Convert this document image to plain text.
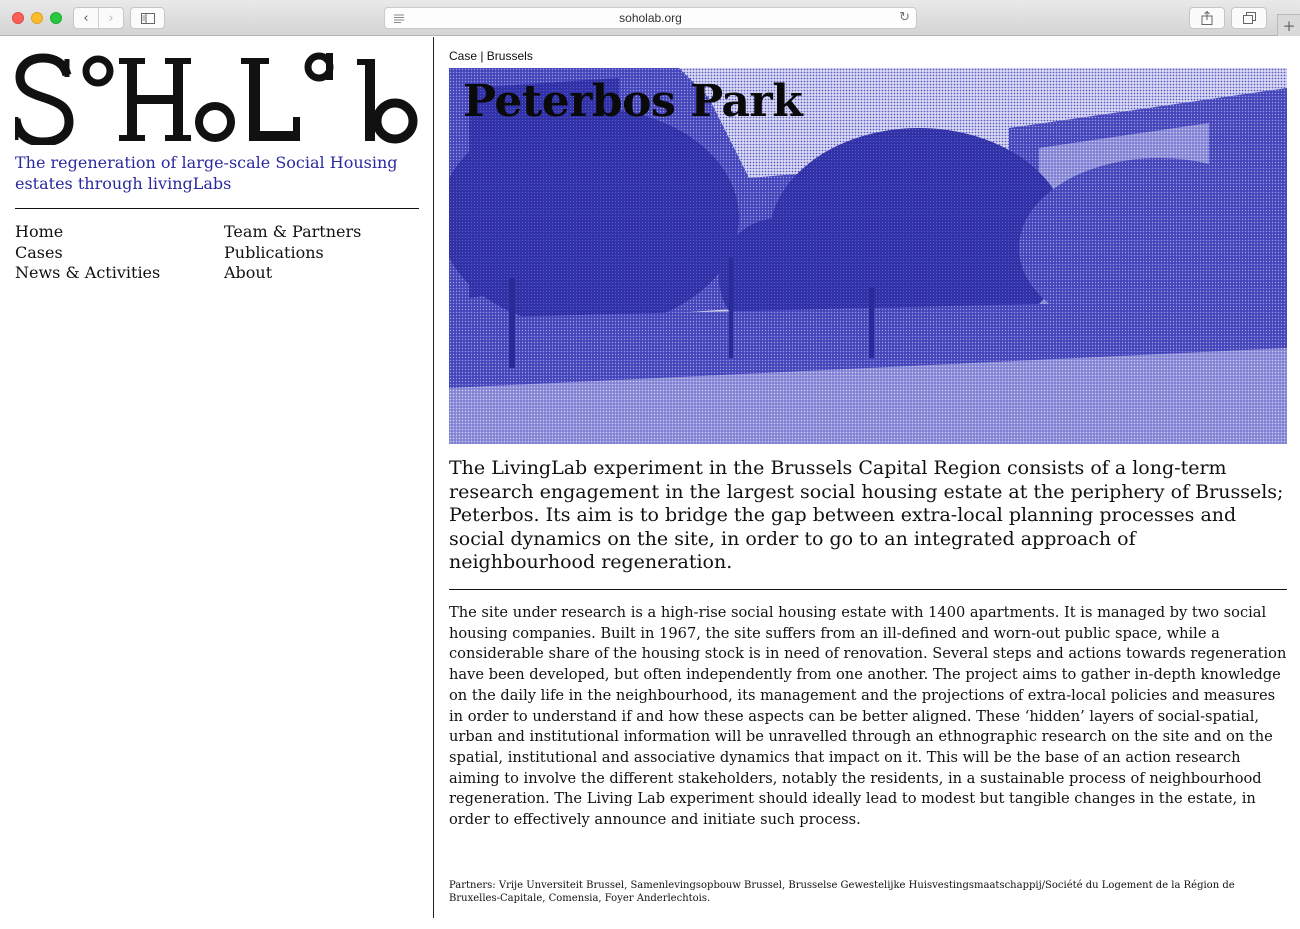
‹	›	soholab.org	↻	+
The regeneration of large-scale Social Housing estates through livingLabs
Home
Cases
News & Activities
Team & Partners
Publications
About
Case | Brussels
Peterbos Park

The LivingLab experiment in the Brussels Capital Region consists of a long-term research engagement in the largest social housing estate at the periphery of Brussels; Peterbos. Its aim is to bridge the gap between extra-local planning processes and social dynamics on the site, in order to go to an integrated approach of neighbourhood regeneration.

The site under research is a high-rise social housing estate with 1400 apartments. It is managed by two social housing companies. Built in 1967, the site suffers from an ill-defined and worn-out public space, while a considerable share of the housing stock is in need of renovation. Several steps and actions towards regeneration have been developed, but often independently from one another. The project aims to gather in-depth knowledge on the daily life in the neighbourhood, its management and the projections of extra-local policies and measures in order to understand if and how these aspects can be better aligned. These ‘hidden’ layers of social-spatial, urban and institutional information will be unravelled through an ethnographic research on the site and on the spatial, institutional and associative dynamics that impact on it. This will be the base of an action research aiming to involve the different stakeholders, notably the residents, in a sustainable process of neighbourhood regeneration. The Living Lab experiment should ideally lead to modest but tangible changes in the estate, in order to effectively announce and initiate such process.

Partners: Vrije Unversiteit Brussel, Samenlevingsopbouw Brussel, Brusselse Gewestelijke Huisvestingsmaatschappij/Société du Logement de la Région de Bruxelles-Capitale, Comensia, Foyer Anderlechtois.
